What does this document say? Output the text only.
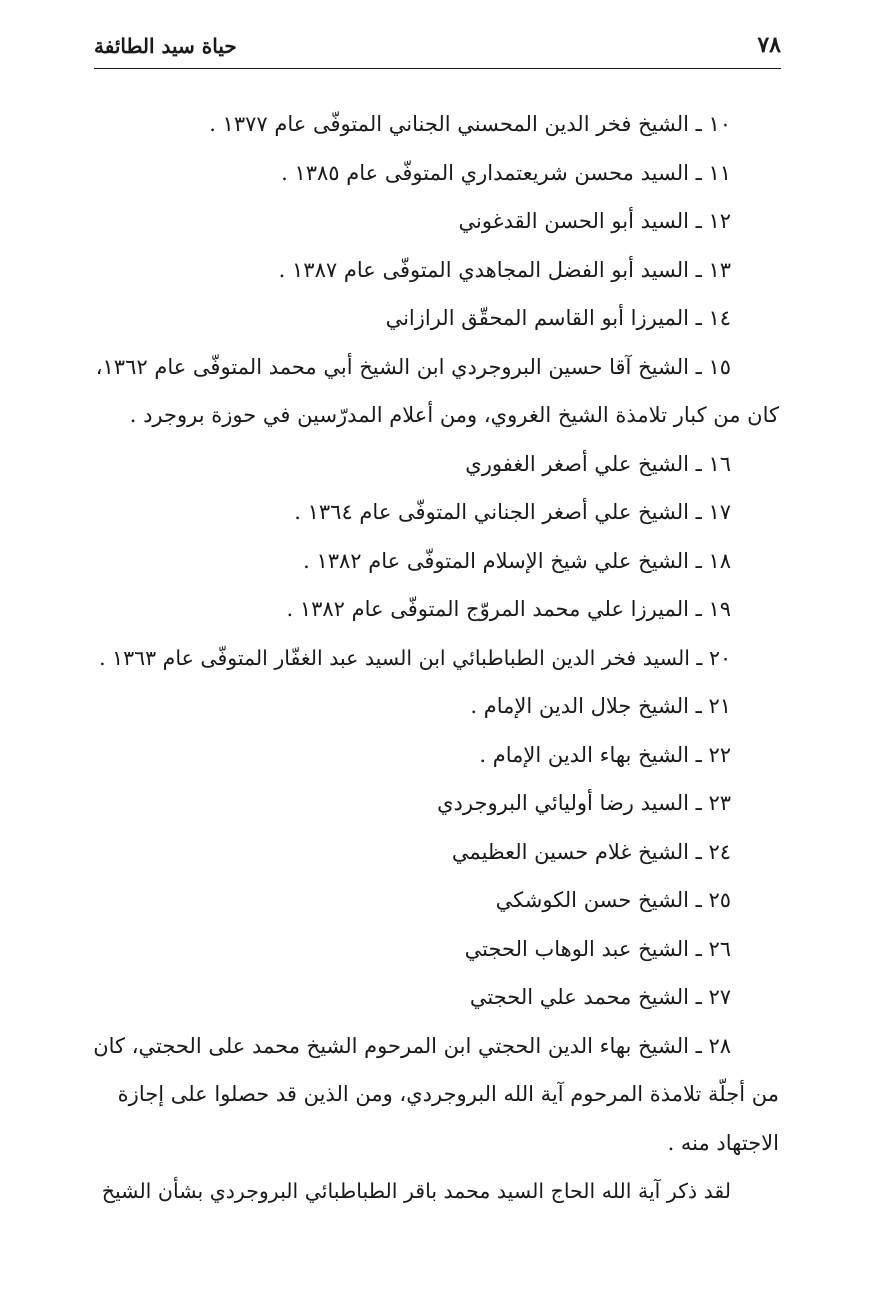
٧٨
حياة سيد الطائفة
١٠ ـ الشيخ فخر الدين المحسني الجناني المتوفّى عام ١٣٧٧ .
١١ ـ السيد محسن شريعتمداري المتوفّى عام ١٣٨٥ .
١٢ ـ السيد أبو الحسن القدغوني
١٣ ـ السيد أبو الفضل المجاهدي المتوفّى عام ١٣٨٧ .
١٤ ـ الميرزا أبو القاسم المحقّق الرازاني
١٥ ـ الشيخ آقا حسين البروجردي ابن الشيخ أبي محمد المتوفّى عام ١٣٦٢،
كان من كبار تلامذة الشيخ الغروي، ومن أعلام المدرّسين في حوزة بروجرد .
١٦ ـ الشيخ علي أصغر الغفوري
١٧ ـ الشيخ علي أصغر الجناني المتوفّى عام ١٣٦٤ .
١٨ ـ الشيخ علي شيخ الإسلام المتوفّى عام ١٣٨٢ .
١٩ ـ الميرزا علي محمد المروّج المتوفّى عام ١٣٨٢ .
٢٠ ـ السيد فخر الدين الطباطبائي ابن السيد عبد الغفّار المتوفّى عام ١٣٦٣ .
٢١ ـ الشيخ جلال الدين الإمام .
٢٢ ـ الشيخ بهاء الدين الإمام .
٢٣ ـ السيد رضا أوليائي البروجردي
٢٤ ـ الشيخ غلام حسين العظيمي
٢٥ ـ الشيخ حسن الكوشكي
٢٦ ـ الشيخ عبد الوهاب الحجتي
٢٧ ـ الشيخ محمد علي الحجتي
٢٨ ـ الشيخ بهاء الدين الحجتي ابن المرحوم الشيخ محمد على الحجتي، كان
من أجلّة تلامذة المرحوم آية الله البروجردي، ومن الذين قد حصلوا على إجازة
الاجتهاد منه .
لقد ذكر آية الله الحاج السيد محمد باقر الطباطبائي البروجردي بشأن الشيخ
